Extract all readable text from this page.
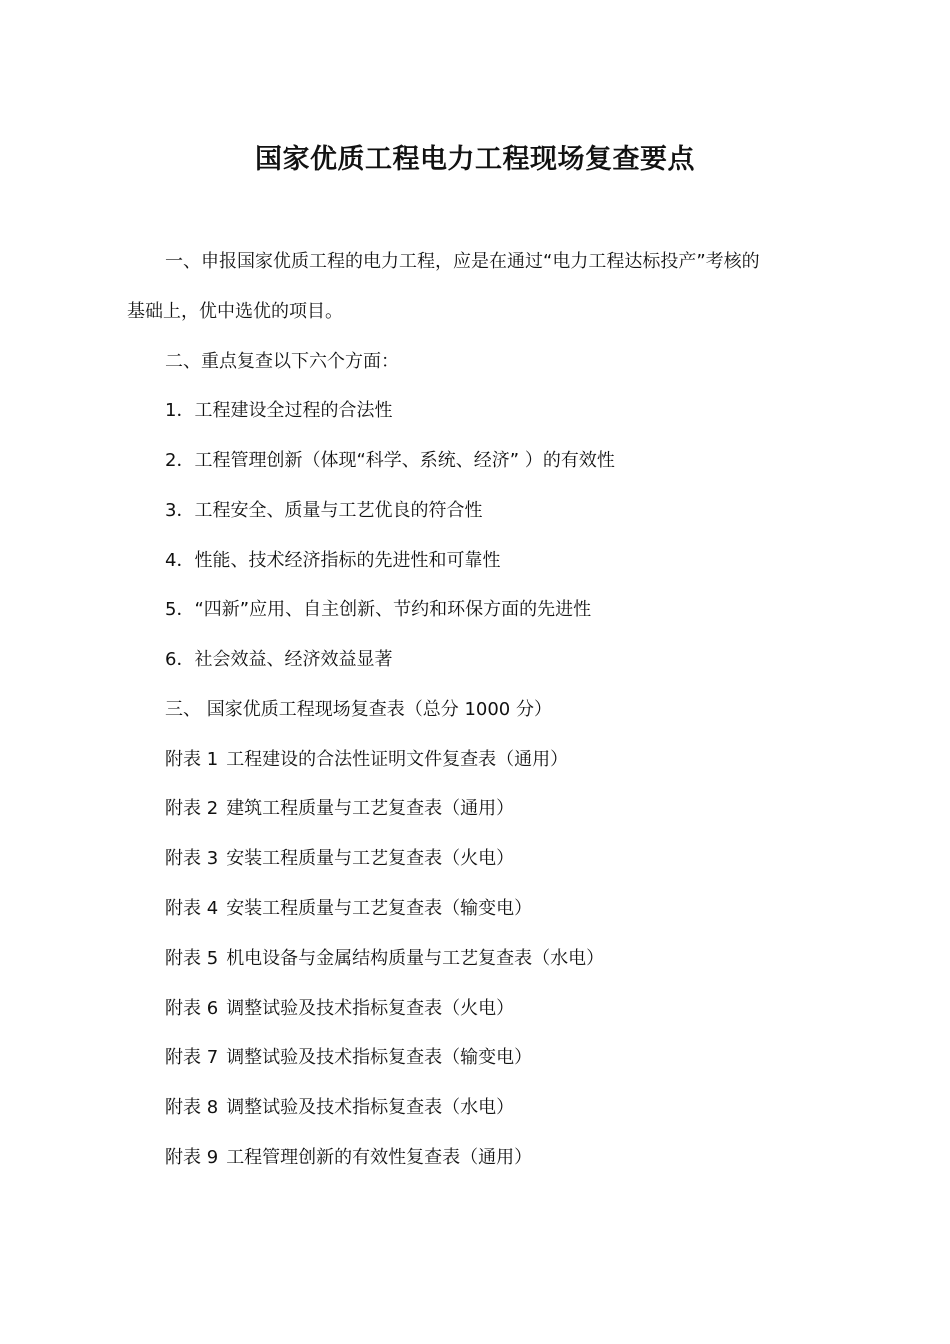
国家优质工程电力工程现场复查要点

一、申报国家优质工程的电力工程，应是在通过“电力工程达标投产”考核的

基础上，优中选优的项目。

二、重点复查以下六个方面：

1．工程建设全过程的合法性

2．工程管理创新（体现“科学、系统、经济” ）的有效性

3．工程安全、质量与工艺优良的符合性

4．性能、技术经济指标的先进性和可靠性

5．“四新”应用、自主创新、节约和环保方面的先进性

6．社会效益、经济效益显著

三、 国家优质工程现场复查表（总分 1000 分）

附表 1 工程建设的合法性证明文件复查表（通用）

附表 2 建筑工程质量与工艺复查表（通用）

附表 3 安装工程质量与工艺复查表（火电）

附表 4 安装工程质量与工艺复查表（输变电）

附表 5 机电设备与金属结构质量与工艺复查表（水电）

附表 6 调整试验及技术指标复查表（火电）

附表 7 调整试验及技术指标复查表（输变电）

附表 8 调整试验及技术指标复查表（水电）

附表 9 工程管理创新的有效性复查表（通用）
